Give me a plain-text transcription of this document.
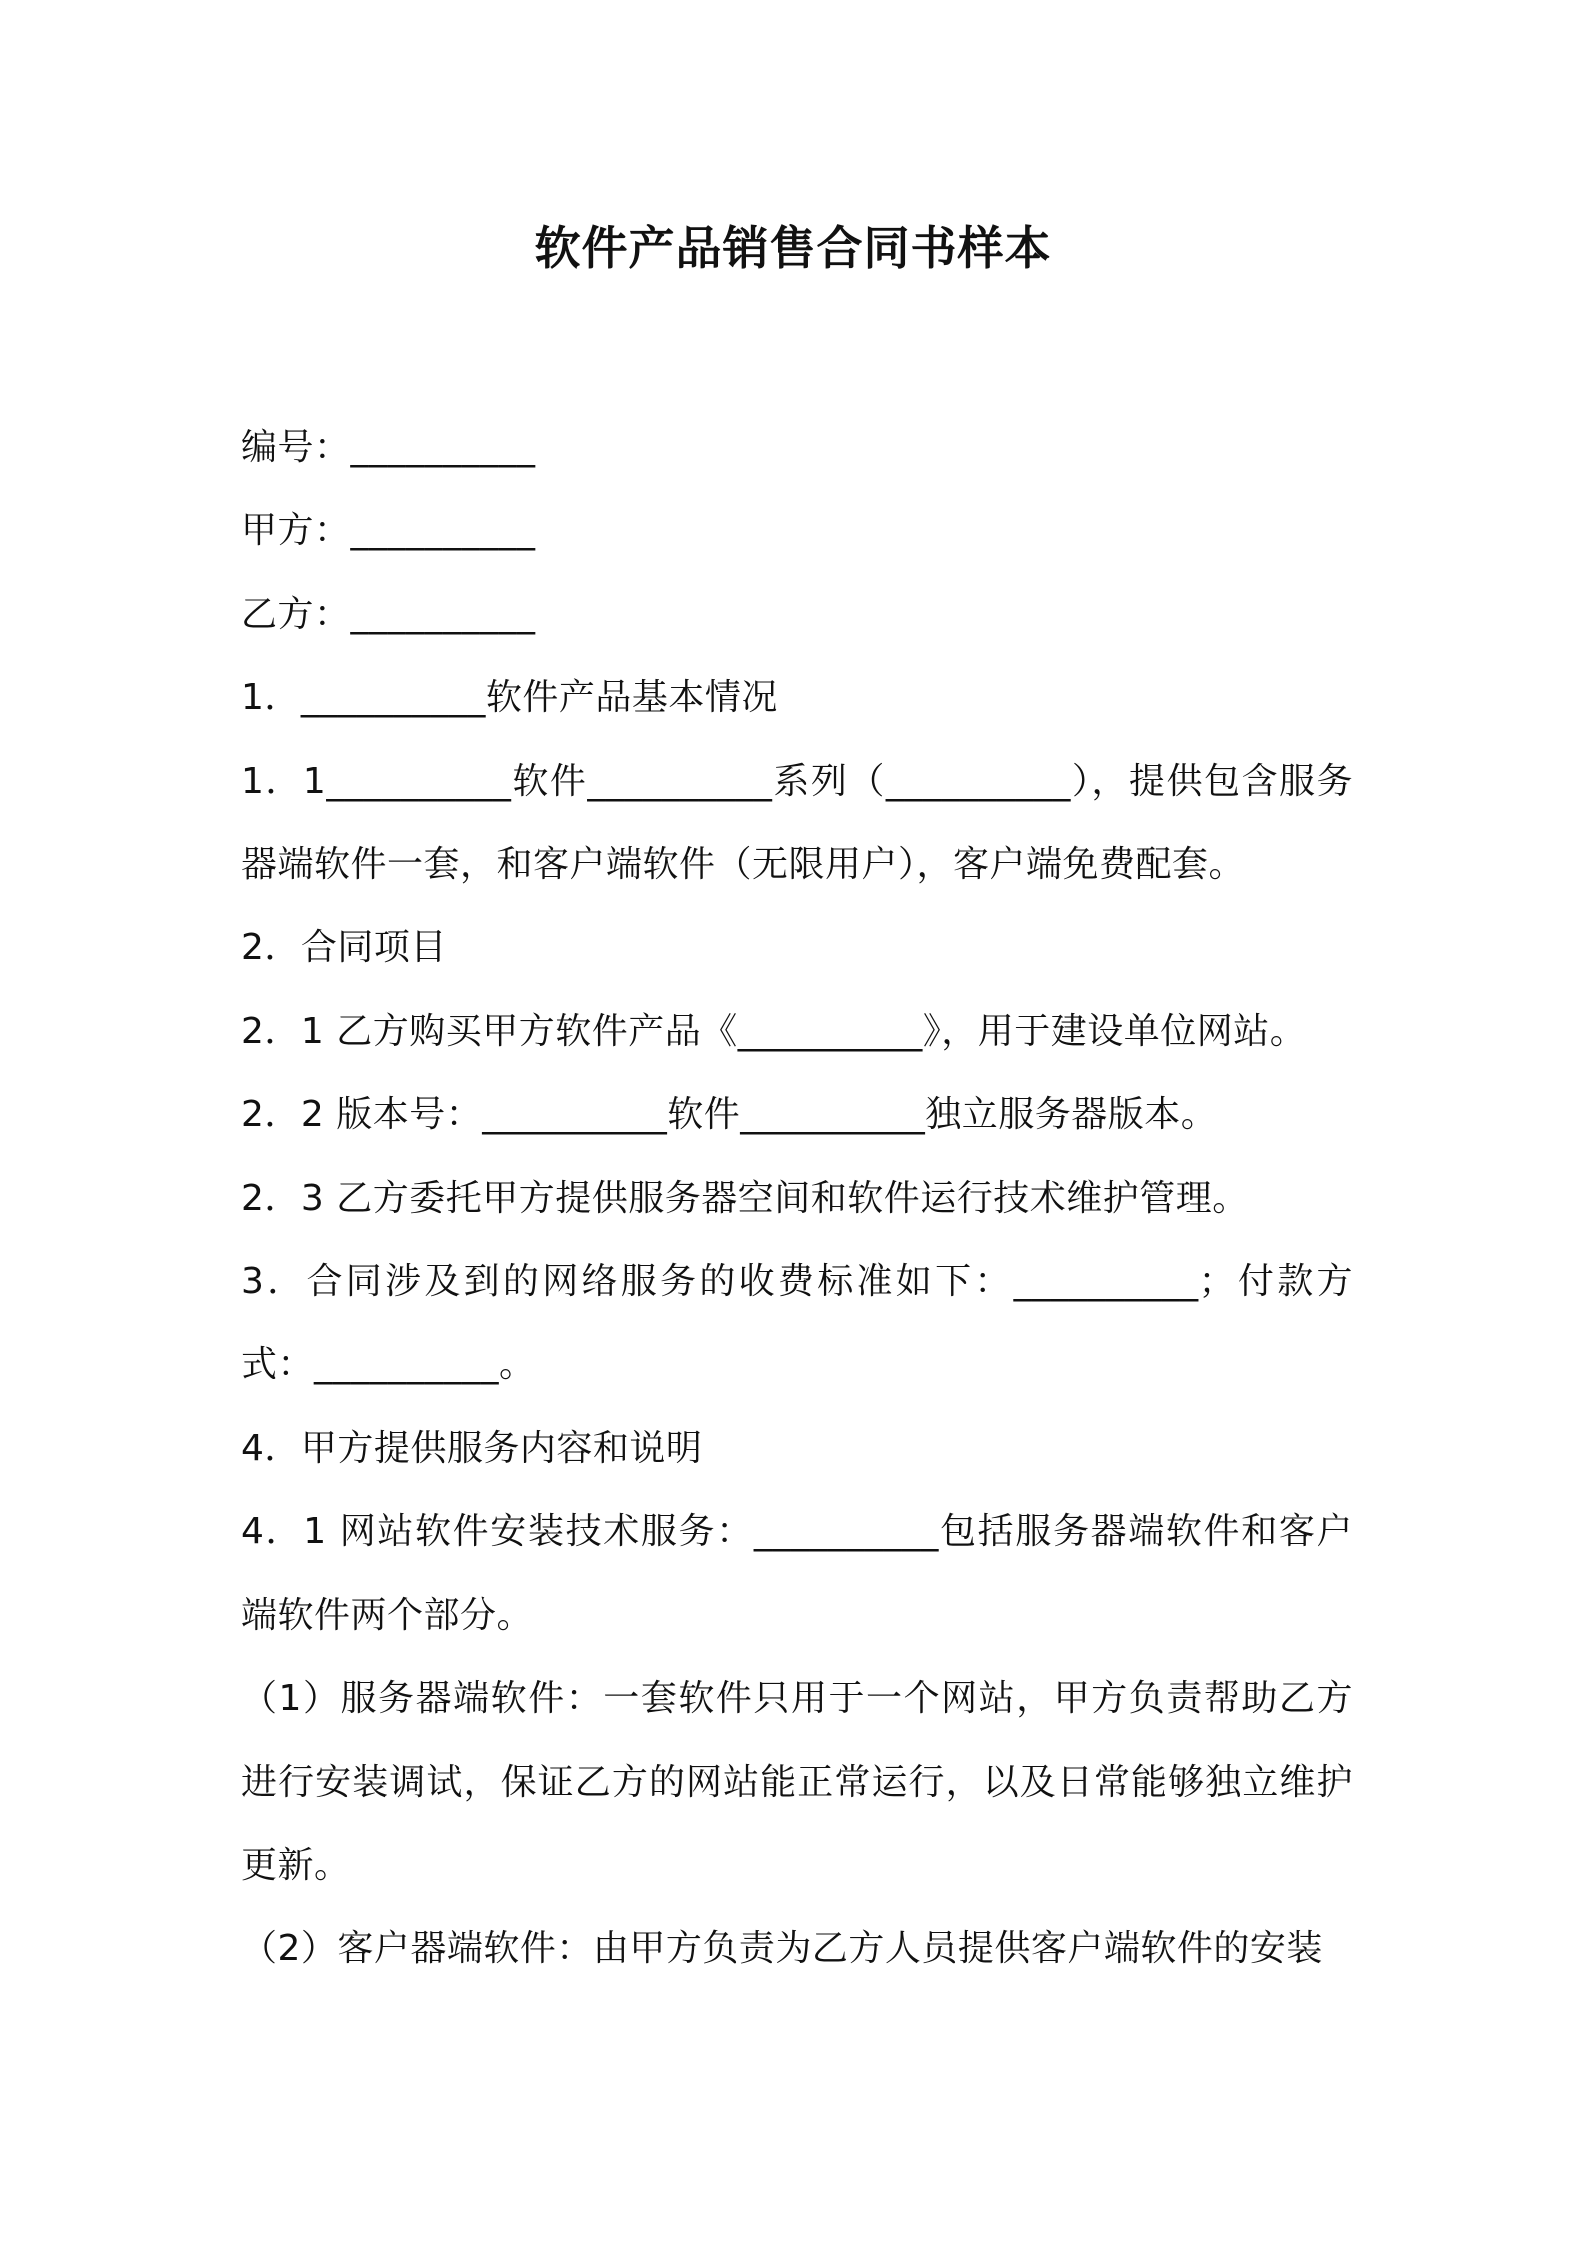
软件产品销售合同书样本

编号：__________

甲方：__________

乙方：__________

1．__________软件产品基本情况

1．1__________软件__________系列（__________），提供包含服务器端软件一套，和客户端软件（无限用户），客户端免费配套。

2．合同项目

2．1 乙方购买甲方软件产品《__________》，用于建设单位网站。

2．2 版本号：__________软件__________独立服务器版本。

2．3 乙方委托甲方提供服务器空间和软件运行技术维护管理。

3．合同涉及到的网络服务的收费标准如下：__________；付款方式：__________。

4．甲方提供服务内容和说明

4．1 网站软件安装技术服务：__________包括服务器端软件和客户端软件两个部分。

（1）服务器端软件：一套软件只用于一个网站，甲方负责帮助乙方进行安装调试，保证乙方的网站能正常运行，以及日常能够独立维护更新。

（2）客户器端软件：由甲方负责为乙方人员提供客户端软件的安装
